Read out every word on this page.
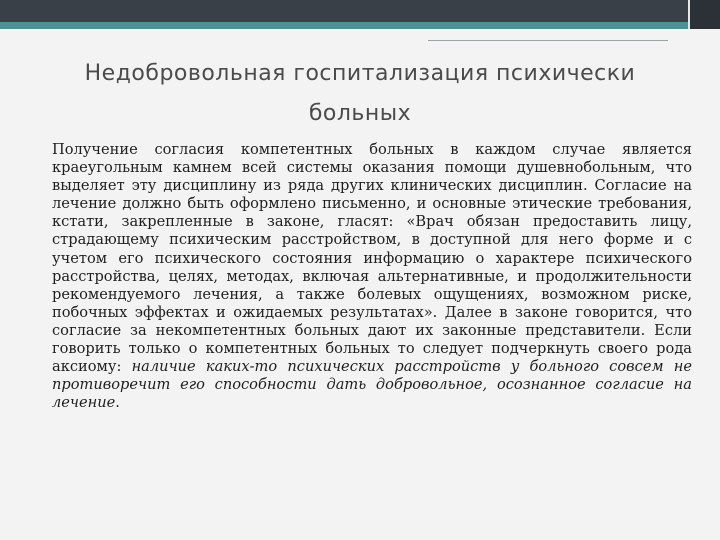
Недобровольная госпитализация психически больных
Получение согласия компетентных больных в каждом случае является краеугольным камнем всей системы оказания помощи душевнобольным, что выделяет эту дисциплину из ряда других клинических дисциплин. Согласие на лечение должно быть оформлено письменно, и основные этические требования, кстати, закрепленные в законе, гласят: «Врач обязан предоставить лицу, страдающему психическим расстройством, в доступной для него форме и с учетом его психического состояния информацию о характере психического расстройства, целях, методах, включая альтернативные, и продолжительности рекомендуемого лечения, а также болевых ощущениях, возможном риске, побочных эффектах и ожидаемых результатах». Далее в законе говорится, что согласие за некомпетентных больных дают их законные представители. Если говорить только о компетентных больных то следует подчеркнуть своего рода аксиому: наличие каких-то психических расстройств у больного совсем не противоречит его способности дать добровольное, осознанное согласие на лечение.
